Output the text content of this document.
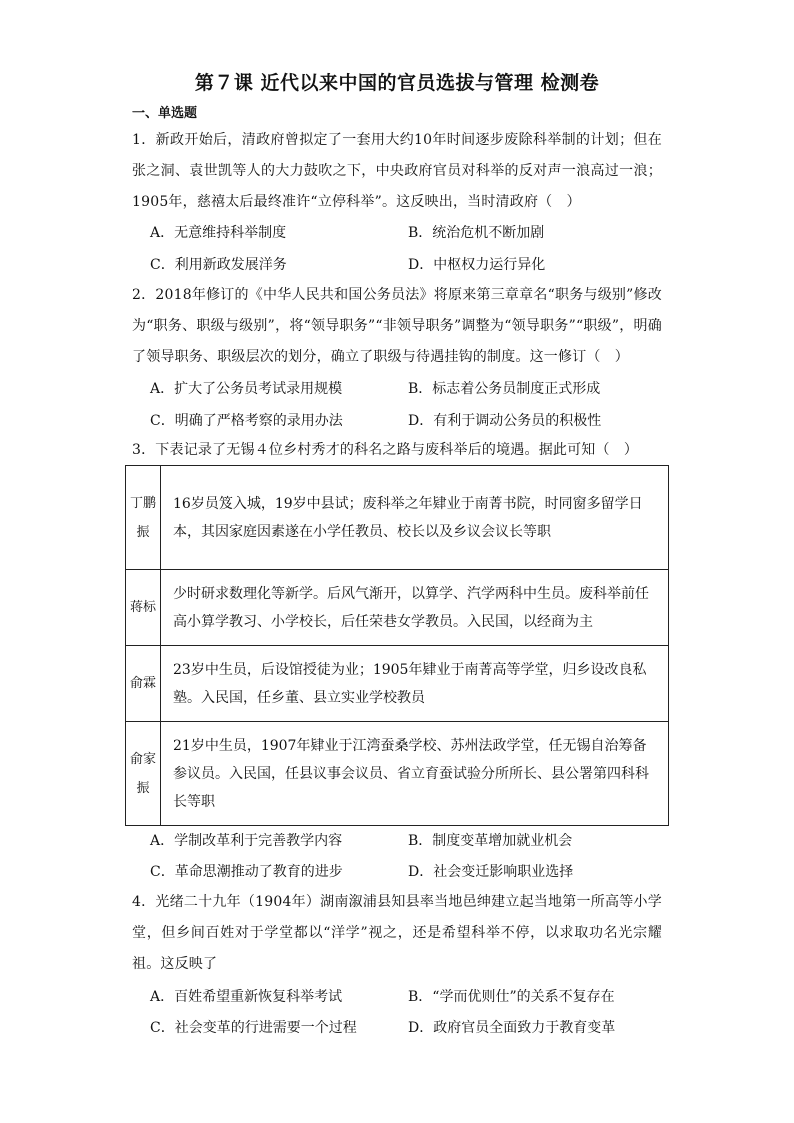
第７课 近代以来中国的官员选拔与管理 检测卷
一、单选题
1．新政开始后，清政府曾拟定了一套用大约10年时间逐步废除科举制的计划；但在张之洞、袁世凯等人的大力鼓吹之下，中央政府官员对科举的反对声一浪高过一浪；1905年，慈禧太后最终准许“立停科举”。这反映出，当时清政府（　）
A．无意维持科举制度	B．统治危机不断加剧
C．利用新政发展洋务	D．中枢权力运行异化
2．2018年修订的《中华人民共和国公务员法》将原来第三章章名“职务与级别”修改为“职务、职级与级别”，将“领导职务”“非领导职务”调整为“领导职务”“职级”，明确了领导职务、职级层次的划分，确立了职级与待遇挂钩的制度。这一修订（　）
A．扩大了公务员考试录用规模	B．标志着公务员制度正式形成
C．明确了严格考察的录用办法	D．有利于调动公务员的积极性
3．下表记录了无锡４位乡村秀才的科名之路与废科举后的境遇。据此可知（　）
丁鹏振	16岁员笈入城，19岁中县试；废科举之年肄业于南菁书院，时同窗多留学日本，其因家庭因素遂在小学任教员、校长以及乡议会议长等职
蒋标	少时研求数理化等新学。后风气渐开，以算学、汽学两科中生员。废科举前任高小算学教习、小学校长，后任荣巷女学教员。入民国，以经商为主
俞霖	23岁中生员，后设馆授徒为业；1905年肄业于南菁高等学堂，归乡设改良私塾。入民国，任乡董、县立实业学校教员
俞家振	21岁中生员，1907年肄业于江湾蚕桑学校、苏州法政学堂，任无锡自治筹备参议员。入民国，任县议事会议员、省立育蚕试验分所所长、县公署第四科科长等职
A．学制改革利于完善教学内容	B．制度变革增加就业机会
C．革命思潮推动了教育的进步	D．社会变迁影响职业选择
4．光绪二十九年（1904年）湖南溆浦县知县率当地邑绅建立起当地第一所高等小学堂，但乡间百姓对于学堂都以“洋学”视之，还是希望科举不停，以求取功名光宗耀祖。这反映了
A．百姓希望重新恢复科举考试	B．“学而优则仕”的关系不复存在
C．社会变革的行进需要一个过程	D．政府官员全面致力于教育变革
